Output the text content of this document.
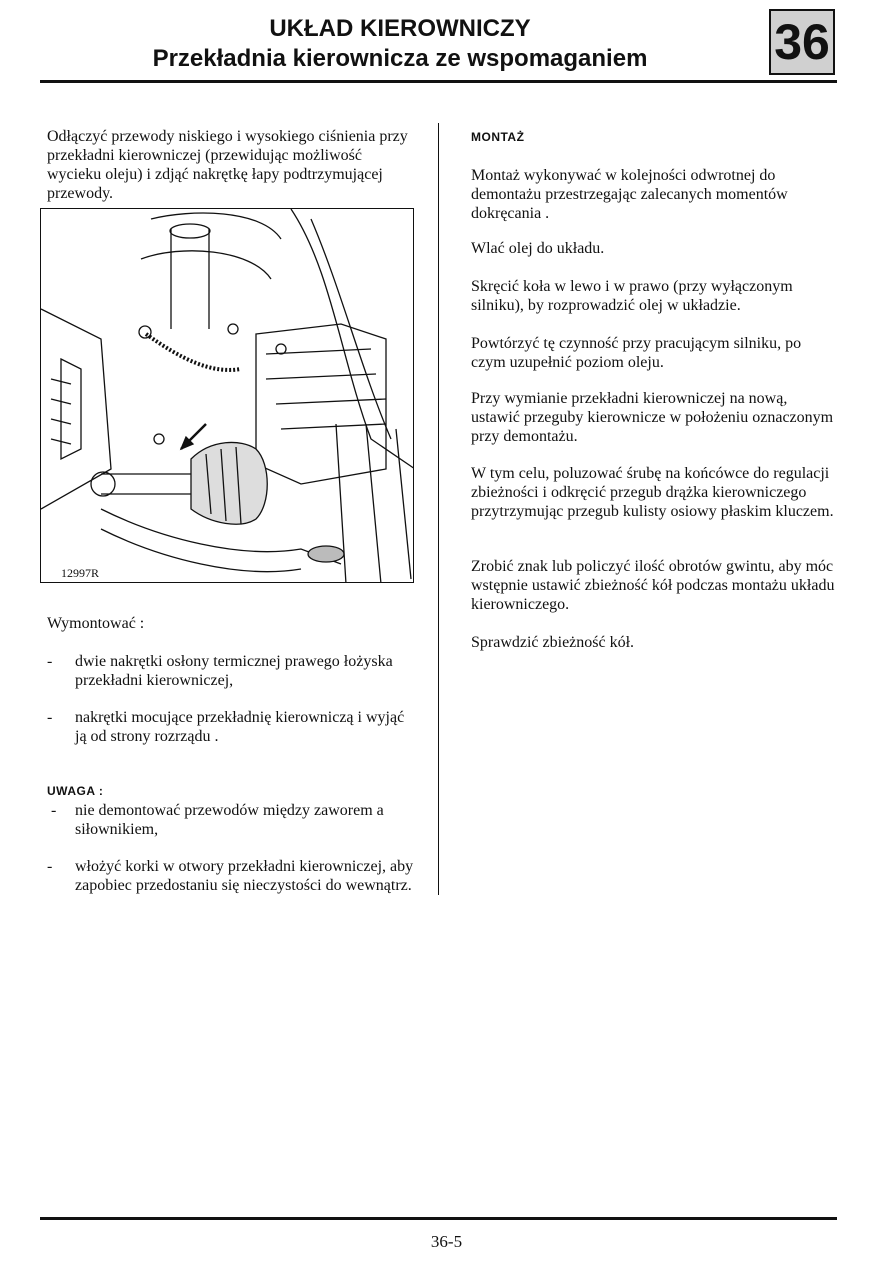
UKŁAD KIEROWNICZY
Przekładnia kierownicza ze wspomaganiem	36

Odłączyć przewody niskiego i wysokiego ciśnienia przy przekładni kierowniczej (przewidując możliwość wycieku oleju) i zdjąć nakrętkę łapy podtrzymującej przewody.

12997R

Wymontować :

- dwie nakrętki osłony termicznej prawego łożyska przekładni kierowniczej,
- nakrętki mocujące przekładnię kierowniczą i wyjąć ją od strony rozrządu .

UWAGA :

- nie demontować przewodów między zaworem a siłownikiem,
- włożyć korki w otwory przekładni kierowniczej, aby zapobiec przedostaniu się nieczystości do wewnątrz.

MONTAŻ

Montaż wykonywać w kolejności odwrotnej do demontażu przestrzegając zalecanych momentów dokręcania .

Wlać olej do układu.

Skręcić koła w lewo i w prawo (przy wyłączonym silniku), by rozprowadzić olej w układzie.

Powtórzyć tę czynność przy pracującym silniku, po czym uzupełnić poziom oleju.

Przy wymianie przekładni kierowniczej na nową, ustawić przeguby kierownicze w położeniu oznaczonym przy demontażu.

W tym celu, poluzować śrubę na końcówce do regulacji zbieżności i odkręcić przegub drążka kierowniczego przytrzymując przegub kulisty osiowy płaskim kluczem.

Zrobić znak lub policzyć ilość obrotów gwintu, aby móc wstępnie ustawić zbieżność kół podczas montażu układu kierowniczego.

Sprawdzić zbieżność kół.

36-5
